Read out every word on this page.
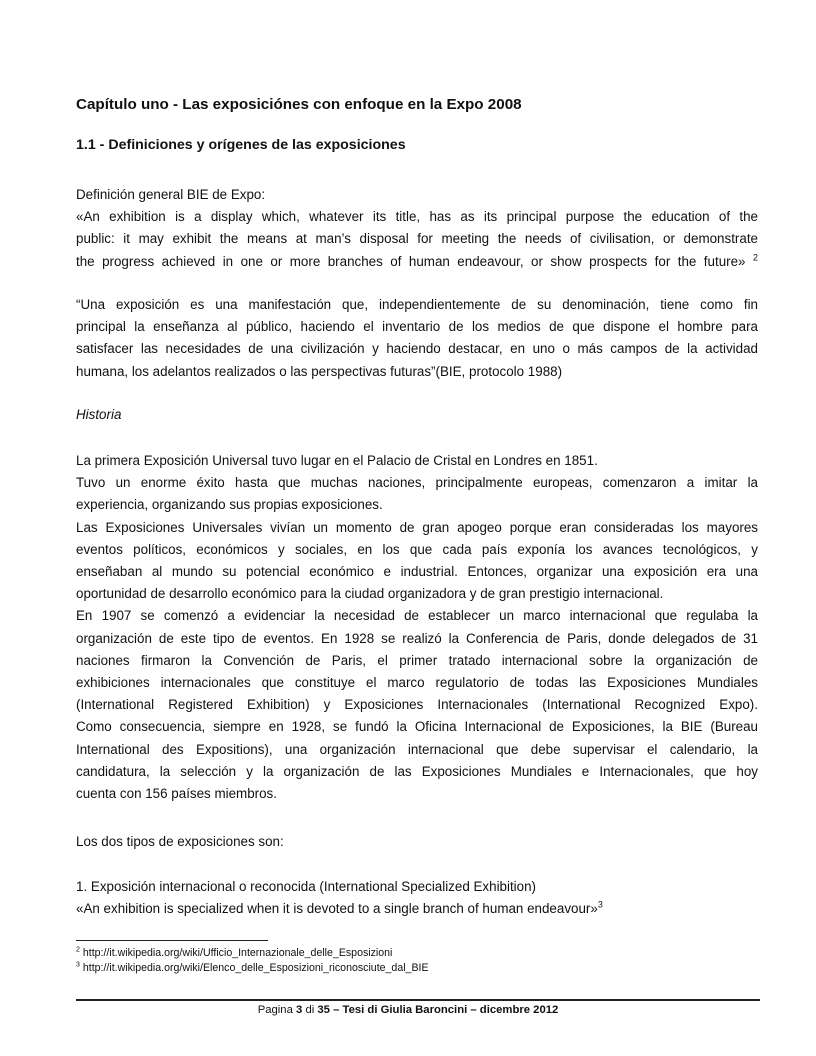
Capítulo uno - Las exposiciónes con enfoque en la Expo 2008
1.1 - Definiciones y orígenes de las exposiciones
Definición general BIE de Expo:
«An exhibition is a display which, whatever its title, has as its principal purpose the education of the
public: it may exhibit the means at man’s disposal for meeting the needs of civilisation, or demonstrate
the progress achieved in one or more branches of human endeavour, or show prospects for the future» $^2$
“Una exposición es una manifestación que, independientemente de su denominación, tiene como fin
principal la enseñanza al público, haciendo el inventario de los medios de que dispone el hombre para
satisfacer las necesidades de una civilización y haciendo destacar, en uno o más campos de la actividad
humana, los adelantos realizados o las perspectivas futuras”(BIE, protocolo 1988)
Historia
La primera Exposición Universal tuvo lugar en el Palacio de Cristal en Londres en 1851.
Tuvo un enorme éxito hasta que muchas naciones, principalmente europeas, comenzaron a imitar la
experiencia, organizando sus propias exposiciones.
Las Exposiciones Universales vivían un momento de gran apogeo porque eran consideradas los mayores
eventos políticos, económicos y sociales, en los que cada país exponía los avances tecnológicos, y
enseñaban al mundo su potencial económico e industrial. Entonces, organizar una exposición era una
oportunidad de desarrollo económico para la ciudad organizadora y de gran prestigio internacional.
En 1907 se comenzó a evidenciar la necesidad de establecer un marco internacional que regulaba la
organización de este tipo de eventos. En 1928 se realizó la Conferencia de Paris, donde delegados de 31
naciones firmaron la Convención de Paris, el primer tratado internacional sobre la organización de
exhibiciones internacionales que constituye el marco regulatorio de todas las Exposiciones Mundiales
(International Registered Exhibition) y Exposiciones Internacionales (International Recognized Expo).
Como consecuencia, siempre en 1928, se fundó la Oficina Internacional de Exposiciones, la BIE (Bureau
International des Expositions), una organización internacional que debe supervisar el calendario, la
candidatura, la selección y la organización de las Exposiciones Mundiales e Internacionales, que hoy
cuenta con 156 países miembros.
Los dos tipos de exposiciones son:
1. Exposición internacional o reconocida (International Specialized Exhibition)
«An exhibition is specialized when it is devoted to a single branch of human endeavour»$^3$
$^2$ http://it.wikipedia.org/wiki/Ufficio_Internazionale_delle_Esposizioni
$^3$ http://it.wikipedia.org/wiki/Elenco_delle_Esposizioni_riconosciute_dal_BIE
Pagina 3 di 35 – Tesi di Giulia Baroncini – dicembre 2012
